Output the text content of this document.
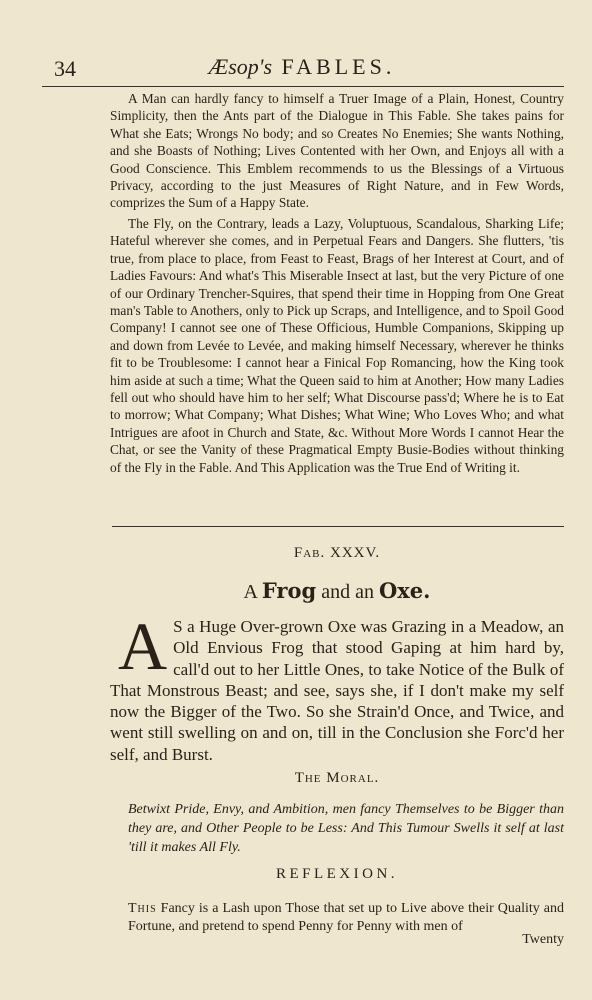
34	Æsop's FABLES.

A Man can hardly fancy to himself a Truer Image of a Plain, Honest, Country Simplicity, then the Ants part of the Dialogue in This Fable. She takes pains for What she Eats; Wrongs No body; and so Creates No Enemies; She wants Nothing, and she Boasts of Nothing; Lives Contented with her Own, and Enjoys all with a Good Conscience. This Emblem recommends to us the Blessings of a Virtuous Privacy, according to the just Measures of Right Nature, and in Few Words, comprizes the Sum of a Happy State.

The Fly, on the Contrary, leads a Lazy, Voluptuous, Scandalous, Sharking Life; Hateful wherever she comes, and in Perpetual Fears and Dangers. She flutters, 'tis true, from place to place, from Feast to Feast, Brags of her Interest at Court, and of Ladies Favours: And what's This Miserable Insect at last, but the very Picture of one of our Ordinary Trencher-Squires, that spend their time in Hopping from One Great man's Table to Anothers, only to Pick up Scraps, and Intelligence, and to Spoil Good Company! I cannot see one of These Officious, Humble Companions, Skipping up and down from Levée to Levée, and making himself Necessary, wherever he thinks fit to be Troublesome: I cannot hear a Finical Fop Romancing, how the King took him aside at such a time; What the Queen said to him at Another; How many Ladies fell out who should have him to her self; What Discourse pass'd; Where he is to Eat to morrow; What Company; What Dishes; What Wine; Who Loves Who; and what Intrigues are afoot in Church and State, &c. Without More Words I cannot Hear the Chat, or see the Vanity of these Pragmatical Empty Busie-Bodies without thinking of the Fly in the Fable. And This Application was the True End of Writing it.

Fab. XXXV.
A Frog and an Oxe.
A S a Huge Over-grown Oxe was Grazing in a Meadow, an Old Envious Frog that stood Gaping at him hard by, call'd out to her Little Ones, to take Notice of the Bulk of That Monstrous Beast; and see, says she, if I don't make my self now the Bigger of the Two. So she Strain'd Once, and Twice, and went still swelling on and on, till in the Conclusion she Forc'd her self, and Burst.
The Moral.
Betwixt Pride, Envy, and Ambition, men fancy Themselves to be Bigger than they are, and Other People to be Less: And This Tumour Swells it self at last 'till it makes All Fly.
REFLEXION.
This Fancy is a Lash upon Those that set up to Live above their Quality and Fortune, and pretend to spend Penny for Penny with men of
Twenty
